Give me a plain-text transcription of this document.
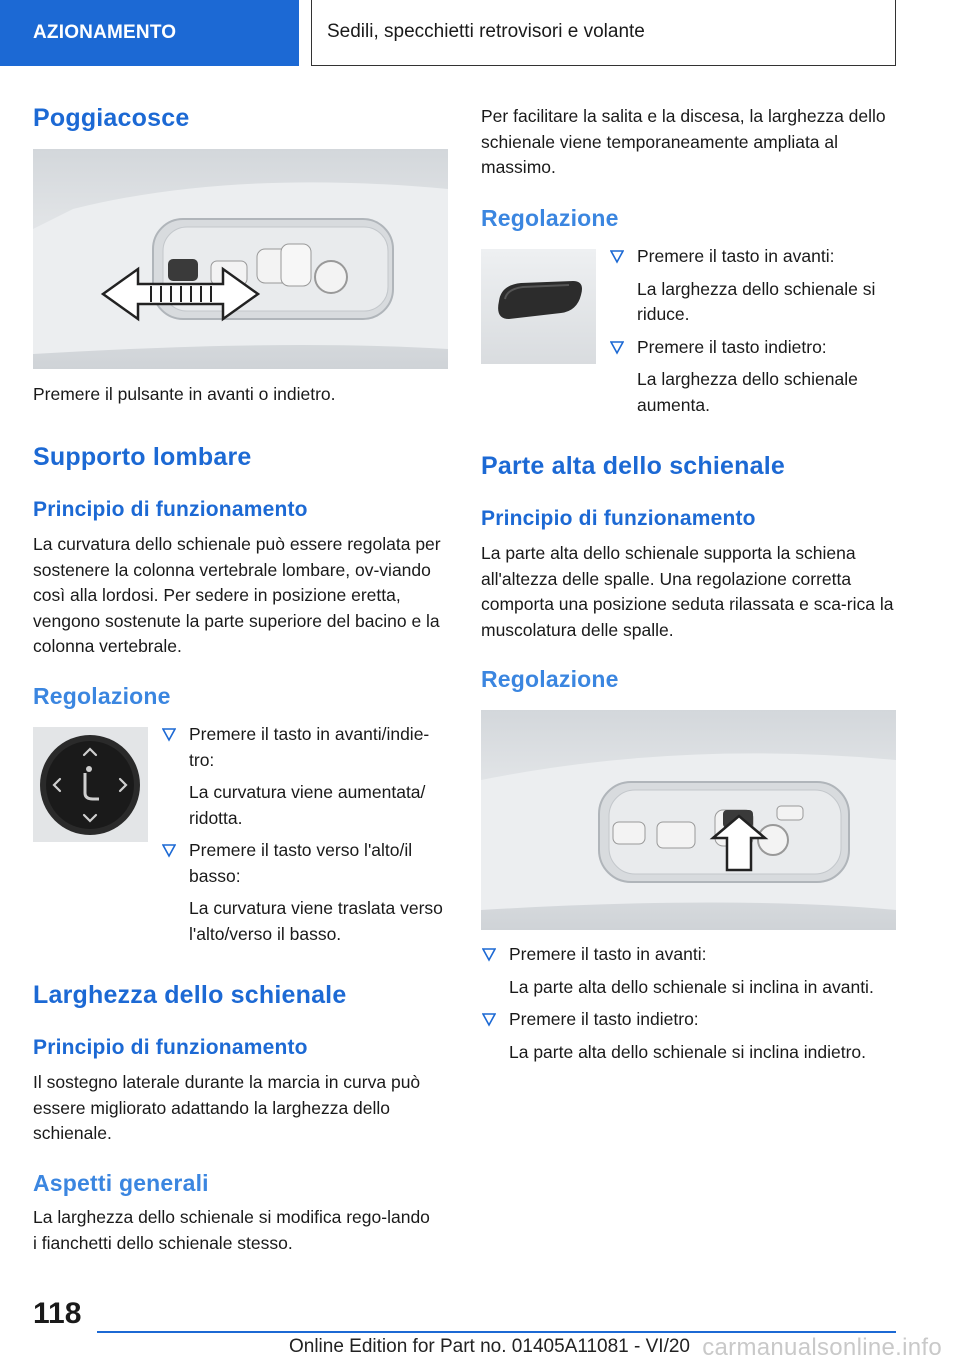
AZIONAMENTO	Sedili, specchietti retrovisori e volante
Poggiacosce
Premere il pulsante in avanti o indietro.
Supporto lombare
Principio di funzionamento
La curvatura dello schienale può essere regolata per sostenere la colonna vertebrale lombare, ov-viando così alla lordosi. Per sedere in posizione eretta, vengono sostenute la parte superiore del bacino e la colonna vertebrale.
Regolazione
Premere il tasto in avanti/indie-tro:
La curvatura viene aumentata/ ridotta.
Premere il tasto verso l'alto/il basso:
La curvatura viene traslata verso l'alto/verso il basso.
Larghezza dello schienale
Principio di funzionamento
Il sostegno laterale durante la marcia in curva può essere migliorato adattando la larghezza dello schienale.
Aspetti generali
La larghezza dello schienale si modifica rego-lando i fianchetti dello schienale stesso.
Per facilitare la salita e la discesa, la larghezza dello schienale viene temporaneamente ampliata al massimo.
Regolazione
Premere il tasto in avanti:
La larghezza dello schienale si riduce.
Premere il tasto indietro:
La larghezza dello schienale aumenta.
Parte alta dello schienale
Principio di funzionamento
La parte alta dello schienale supporta la schiena all'altezza delle spalle. Una regolazione corretta comporta una posizione seduta rilassata e sca-rica la muscolatura delle spalle.
Regolazione
Premere il tasto in avanti:
La parte alta dello schienale si inclina in avanti.
Premere il tasto indietro:
La parte alta dello schienale si inclina indietro.
118
Online Edition for Part no. 01405A11081 - VI/20 carmanualsonline.info
